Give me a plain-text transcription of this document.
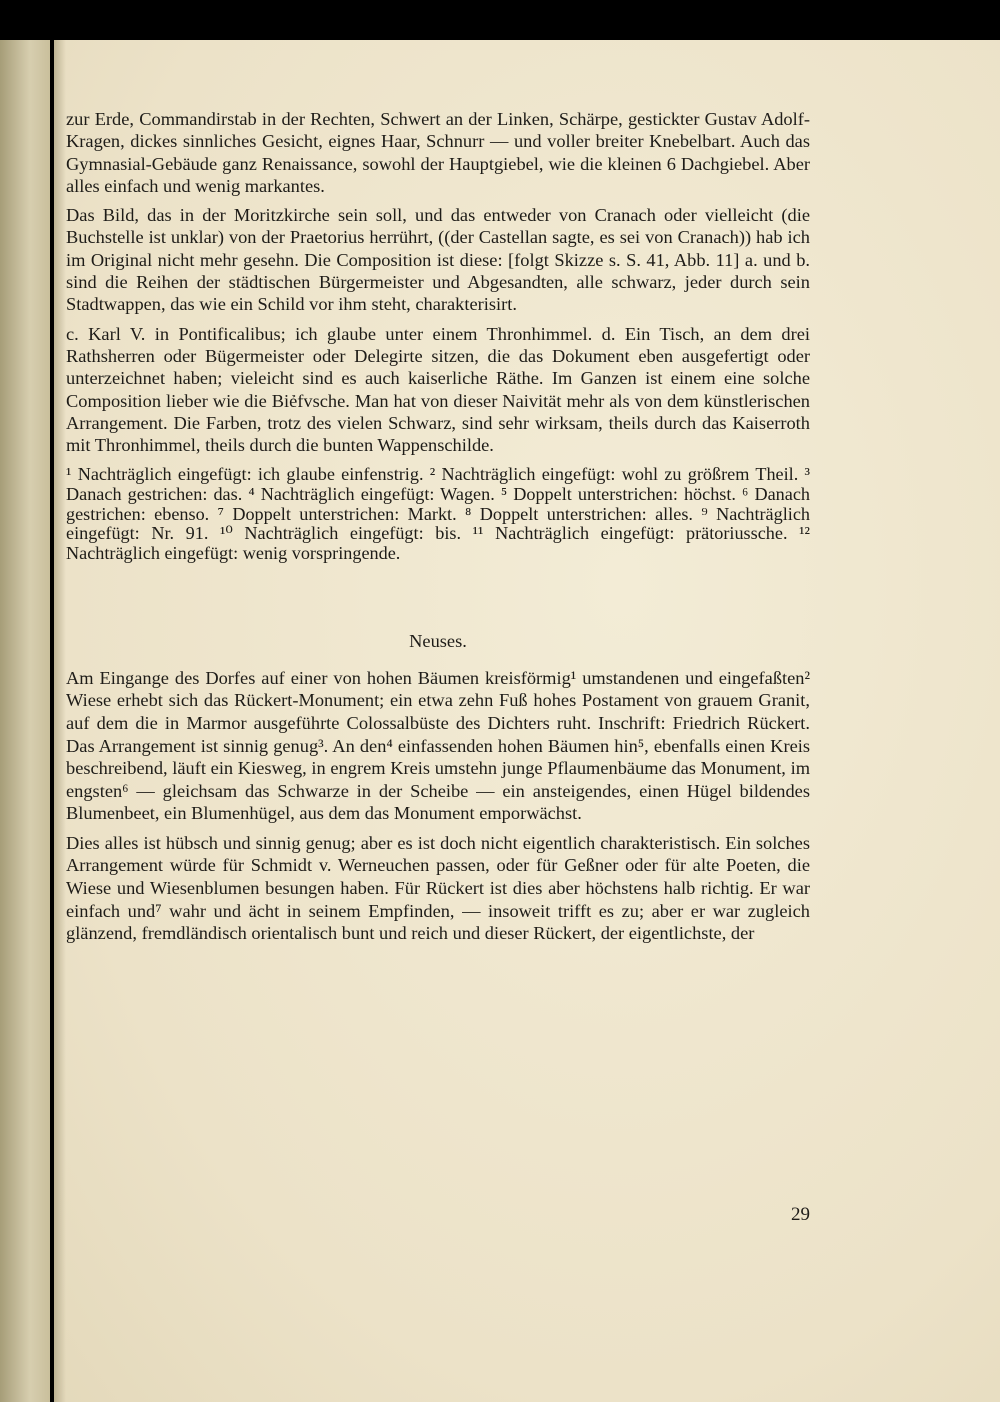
zur Erde, Commandirstab in der Rechten, Schwert an der Linken, Schärpe, gestickter Gustav Adolf-Kragen, dickes sinnliches Gesicht, eignes Haar, Schnurr — und voller breiter Knebelbart. Auch das Gymnasial-Gebäude ganz Renaissance, sowohl der Hauptgiebel, wie die kleinen 6 Dachgiebel. Aber alles einfach und wenig markantes.

Das Bild, das in der Moritzkirche sein soll, und das entweder von Cranach oder vielleicht (die Buchstelle ist unklar) von der Praetorius herrührt, ((der Castellan sagte, es sei von Cranach)) hab ich im Original nicht mehr gesehn. Die Composition ist diese: [folgt Skizze s. S. 41, Abb. 11] a. und b. sind die Reihen der städtischen Bürgermeister und Abgesandten, alle schwarz, jeder durch sein Stadtwappen, das wie ein Schild vor ihm steht, charakterisirt.

c. Karl V. in Pontificalibus; ich glaube unter einem Thronhimmel. d. Ein Tisch, an dem drei Rathsherren oder Bügermeister oder Delegirte sitzen, die das Dokument eben ausgefertigt oder unterzeichnet haben; vieleicht sind es auch kaiserliche Räthe. Im Ganzen ist einem eine solche Composition lieber wie die Biẻfvsche. Man hat von dieser Naivität mehr als von dem künstlerischen Arrangement. Die Farben, trotz des vielen Schwarz, sind sehr wirksam, theils durch das Kaiserroth mit Thronhimmel, theils durch die bunten Wappenschilde.

¹ Nachträglich eingefügt: ich glaube einfenstrig. ² Nachträglich eingefügt: wohl zu größrem Theil. ³ Danach gestrichen: das. ⁴ Nachträglich eingefügt: Wagen. ⁵ Doppelt unterstrichen: höchst. ⁶ Danach gestrichen: ebenso. ⁷ Doppelt unterstrichen: Markt. ⁸ Doppelt unterstrichen: alles. ⁹ Nachträglich eingefügt: Nr. 91. ¹⁰ Nachträglich eingefügt: bis. ¹¹ Nachträglich eingefügt: prätoriussche. ¹² Nachträglich eingefügt: wenig vorspringende.

Neuses.

Am Eingange des Dorfes auf einer von hohen Bäumen kreisförmig¹ umstandenen und eingefaßten² Wiese erhebt sich das Rückert-Monument; ein etwa zehn Fuß hohes Postament von grauem Granit, auf dem die in Marmor ausgeführte Colossalbüste des Dichters ruht. Inschrift: Friedrich Rückert. Das Arrangement ist sinnig genug³. An den⁴ einfassenden hohen Bäumen hin⁵, ebenfalls einen Kreis beschreibend, läuft ein Kiesweg, in engrem Kreis umstehn junge Pflaumenbäume das Monument, im engsten⁶ — gleichsam das Schwarze in der Scheibe — ein ansteigendes, einen Hügel bildendes Blumenbeet, ein Blumenhügel, aus dem das Monument emporwächst.

Dies alles ist hübsch und sinnig genug; aber es ist doch nicht eigentlich charakteristisch. Ein solches Arrangement würde für Schmidt v. Werneuchen passen, oder für Geßner oder für alte Poeten, die Wiese und Wiesenblumen besungen haben. Für Rückert ist dies aber höchstens halb richtig. Er war einfach und⁷ wahr und ächt in seinem Empfinden, — insoweit trifft es zu; aber er war zugleich glänzend, fremdländisch orientalisch bunt und reich und dieser Rückert, der eigentlichste, der

29
